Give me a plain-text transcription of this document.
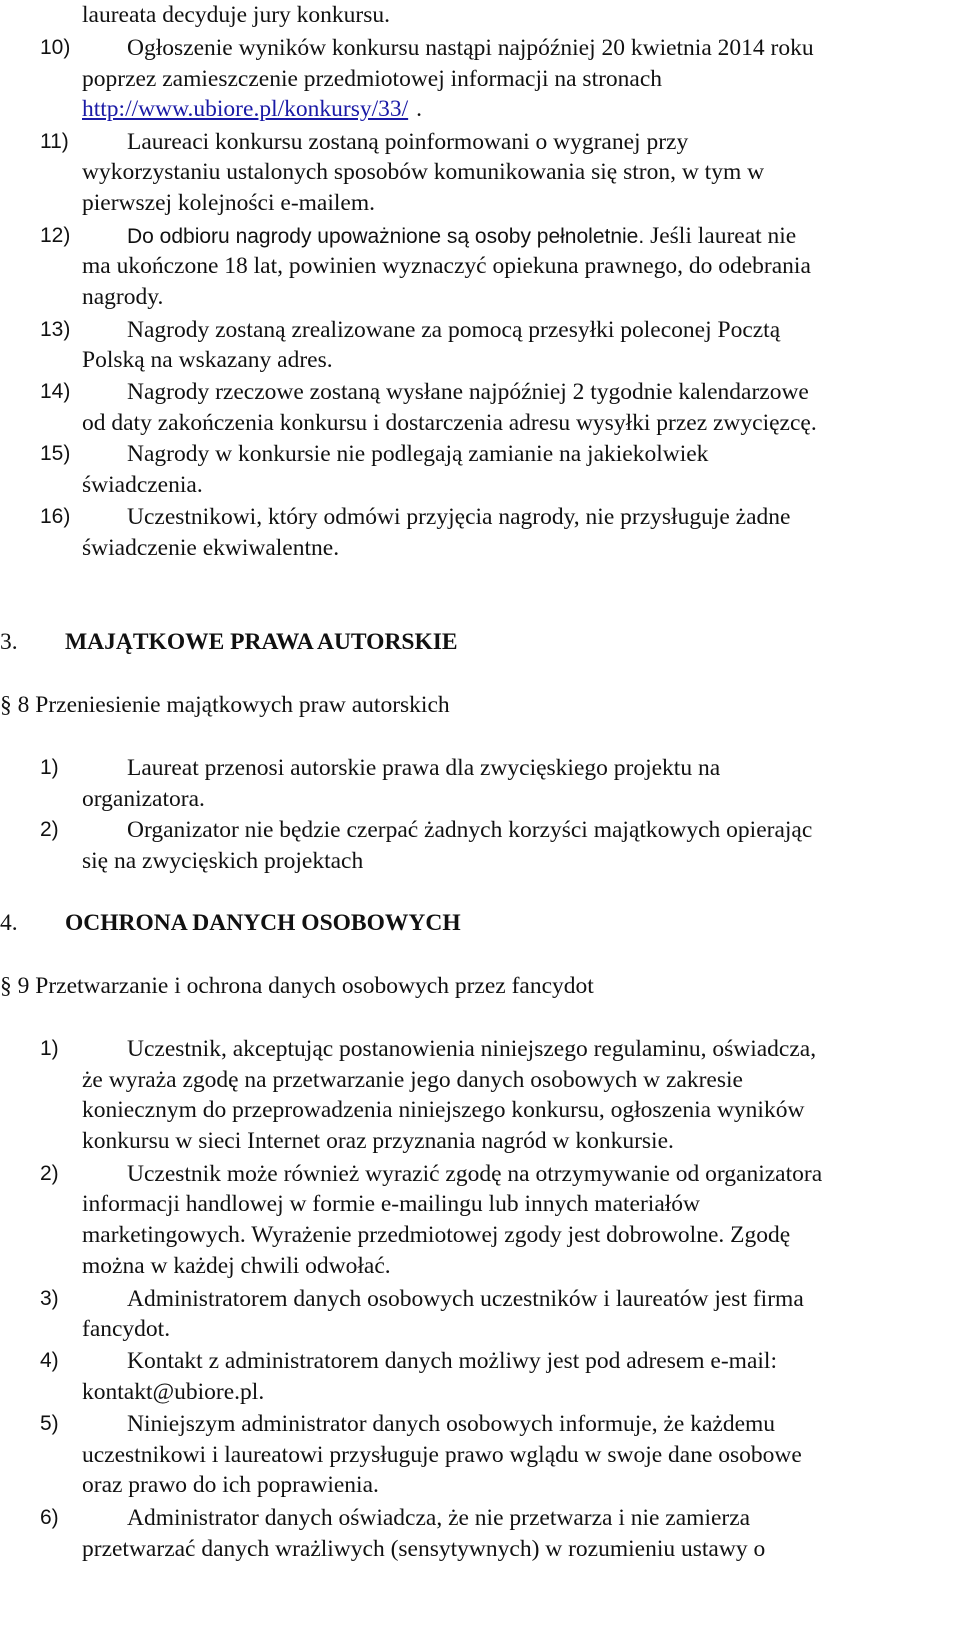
laureata decyduje jury konkursu.
10) Ogłoszenie wyników konkursu nastąpi najpóźniej 20 kwietnia 2014 roku
poprzez zamieszczenie przedmiotowej informacji na stronach
http://www.ubiore.pl/konkursy/33/ .
11) Laureaci konkursu zostaną poinformowani o wygranej przy
wykorzystaniu ustalonych sposobów komunikowania się stron, w tym w
pierwszej kolejności e-mailem.
12)	Do odbioru nagrody upoważnione są osoby pełnoletnie. Jeśli laureat nie
ma ukończone 18 lat, powinien wyznaczyć opiekuna prawnego, do odebrania
nagrody.
13) Nagrody zostaną zrealizowane za pomocą przesyłki poleconej Pocztą
Polską na wskazany adres.
14) Nagrody rzeczowe zostaną wysłane najpóźniej 2 tygodnie kalendarzowe
od daty zakończenia konkursu i dostarczenia adresu wysyłki przez zwycięzcę.
15) Nagrody w konkursie nie podlegają zamianie na jakiekolwiek
świadczenia.
16) Uczestnikowi, który odmówi przyjęcia nagrody, nie przysługuje żadne
świadczenie ekwiwalentne.
3. MAJĄTKOWE PRAWA AUTORSKIE
§ 8 Przeniesienie majątkowych praw autorskich
1)	Laureat przenosi autorskie prawa dla zwycięskiego projektu na
organizatora.
2)	Organizator nie będzie czerpać żadnych korzyści majątkowych opierając
się na zwycięskich projektach
4. OCHRONA DANYCH OSOBOWYCH
§ 9 Przetwarzanie i ochrona danych osobowych przez fancydot
1)	Uczestnik, akceptując postanowienia niniejszego regulaminu, oświadcza,
że wyraża zgodę na przetwarzanie jego danych osobowych w zakresie
koniecznym do przeprowadzenia niniejszego konkursu, ogłoszenia wyników
konkursu w sieci Internet oraz przyznania nagród w konkursie.
2)	Uczestnik może również wyrazić zgodę na otrzymywanie od organizatora
informacji handlowej w formie e-mailingu lub innych materiałów
marketingowych. Wyrażenie przedmiotowej zgody jest dobrowolne. Zgodę
można w każdej chwili odwołać.
3)	Administratorem danych osobowych uczestników i laureatów jest firma
fancydot.
4)	Kontakt z administratorem danych możliwy jest pod adresem e-mail:
kontakt@ubiore.pl.
5)	Niniejszym administrator danych osobowych informuje, że każdemu
uczestnikowi i laureatowi przysługuje prawo wglądu w swoje dane osobowe
oraz prawo do ich poprawienia.
6)	Administrator danych oświadcza, że nie przetwarza i nie zamierza
przetwarzać danych wrażliwych (sensytywnych) w rozumieniu ustawy o
